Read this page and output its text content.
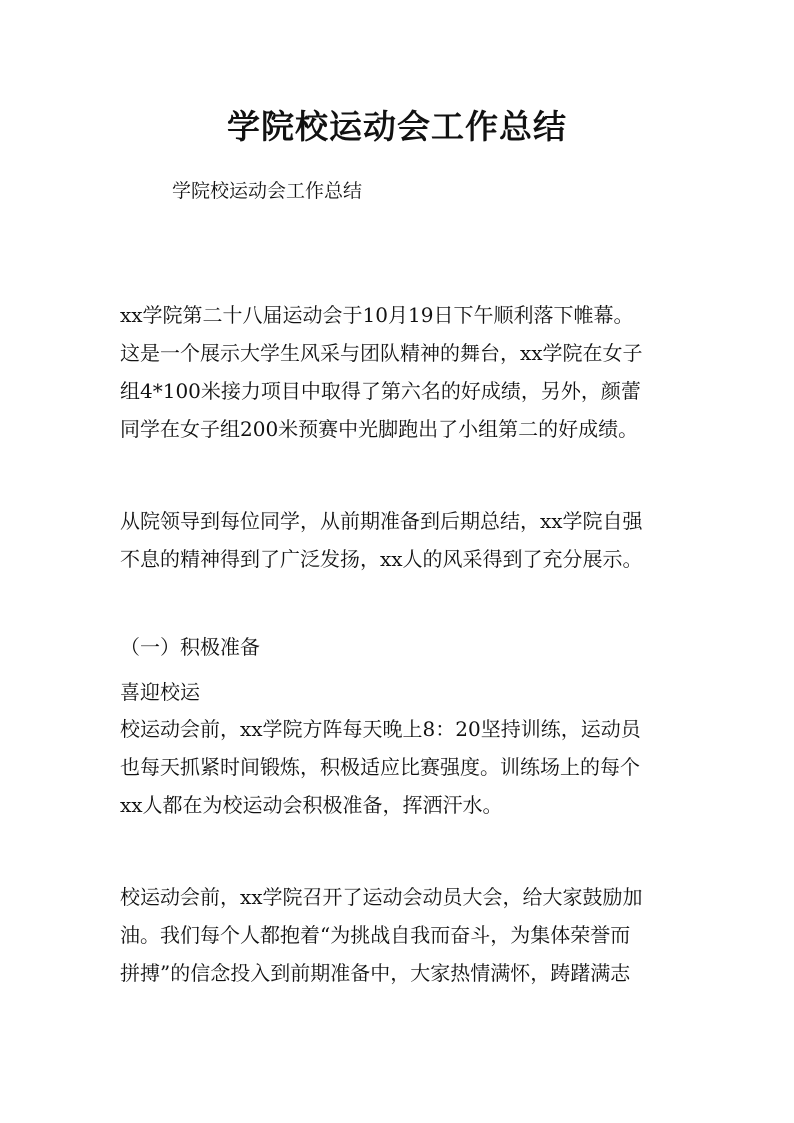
学院校运动会工作总结
学院校运动会工作总结
xx学院第二十八届运动会于10月19日下午顺利落下帷幕。
这是一个展示大学生风采与团队精神的舞台，xx学院在女子
组4*100米接力项目中取得了第六名的好成绩，另外，颜蕾
同学在女子组200米预赛中光脚跑出了小组第二的好成绩。
从院领导到每位同学，从前期准备到后期总结，xx学院自强
不息的精神得到了广泛发扬，xx人的风采得到了充分展示。
（一）积极准备
喜迎校运
校运动会前，xx学院方阵每天晚上8：20坚持训练，运动员
也每天抓紧时间锻炼，积极适应比赛强度。训练场上的每个
xx人都在为校运动会积极准备，挥洒汗水。
校运动会前，xx学院召开了运动会动员大会，给大家鼓励加
油。我们每个人都抱着“为挑战自我而奋斗，为集体荣誉而
拼搏”的信念投入到前期准备中，大家热情满怀，踌躇满志
